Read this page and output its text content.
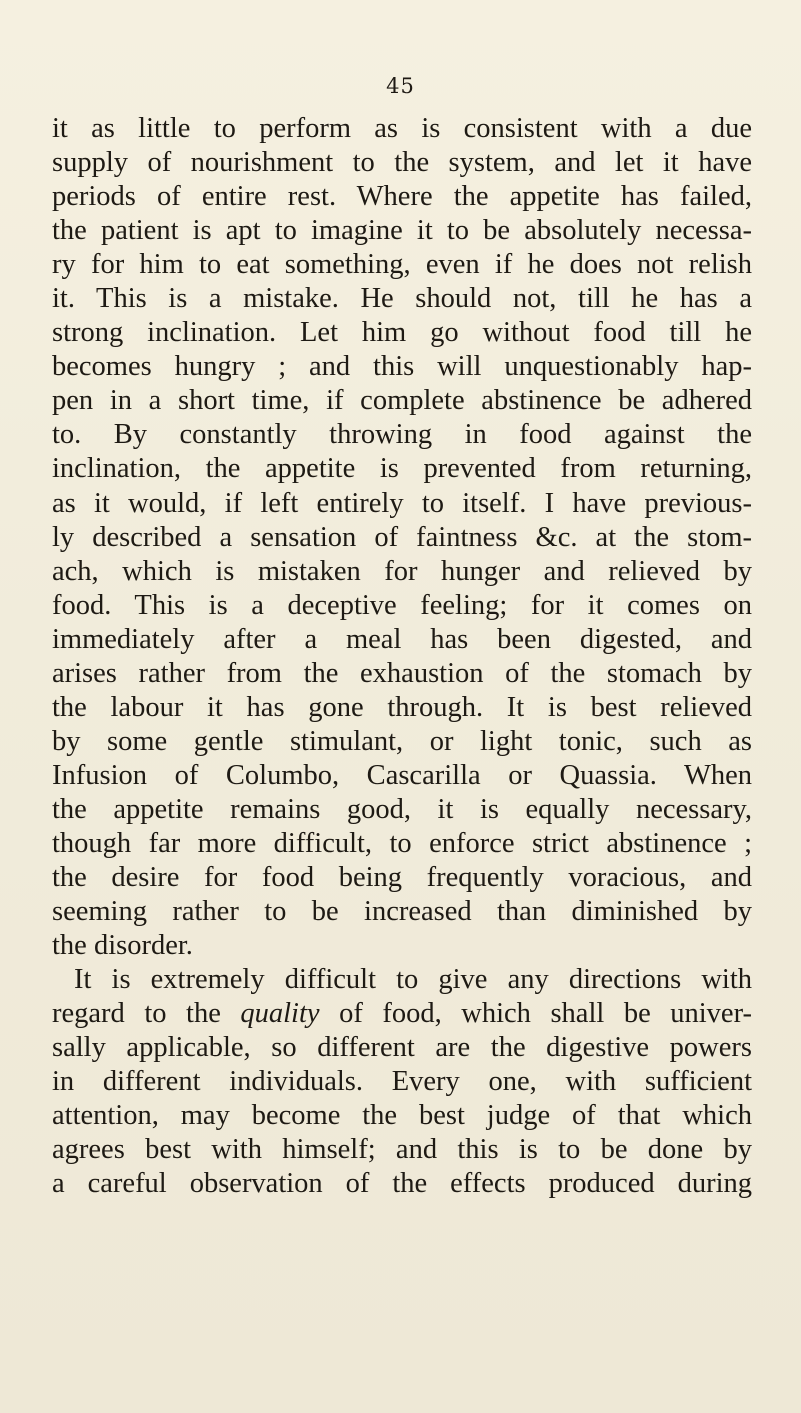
45
it as little to perform as is consistent with a due
supply of nourishment to the system, and let it have
periods of entire rest. Where the appetite has failed,
the patient is apt to imagine it to be absolutely necessa-
ry for him to eat something, even if he does not relish
it. This is a mistake. He should not, till he has a
strong inclination. Let him go without food till he
becomes hungry ; and this will unquestionably hap-
pen in a short time, if complete abstinence be adhered
to. By constantly throwing in food against the
inclination, the appetite is prevented from returning,
as it would, if left entirely to itself. I have previous-
ly described a sensation of faintness &c. at the stom-
ach, which is mistaken for hunger and relieved by
food. This is a deceptive feeling; for it comes on
immediately after a meal has been digested, and
arises rather from the exhaustion of the stomach by
the labour it has gone through. It is best relieved
by some gentle stimulant, or light tonic, such as
Infusion of Columbo, Cascarilla or Quassia. When
the appetite remains good, it is equally necessary,
though far more difficult, to enforce strict abstinence ;
the desire for food being frequently voracious, and
seeming rather to be increased than diminished by
the disorder.
It is extremely difficult to give any directions with
regard to the quality of food, which shall be univer-
sally applicable, so different are the digestive powers
in different individuals. Every one, with sufficient
attention, may become the best judge of that which
agrees best with himself; and this is to be done by
a careful observation of the effects produced during
